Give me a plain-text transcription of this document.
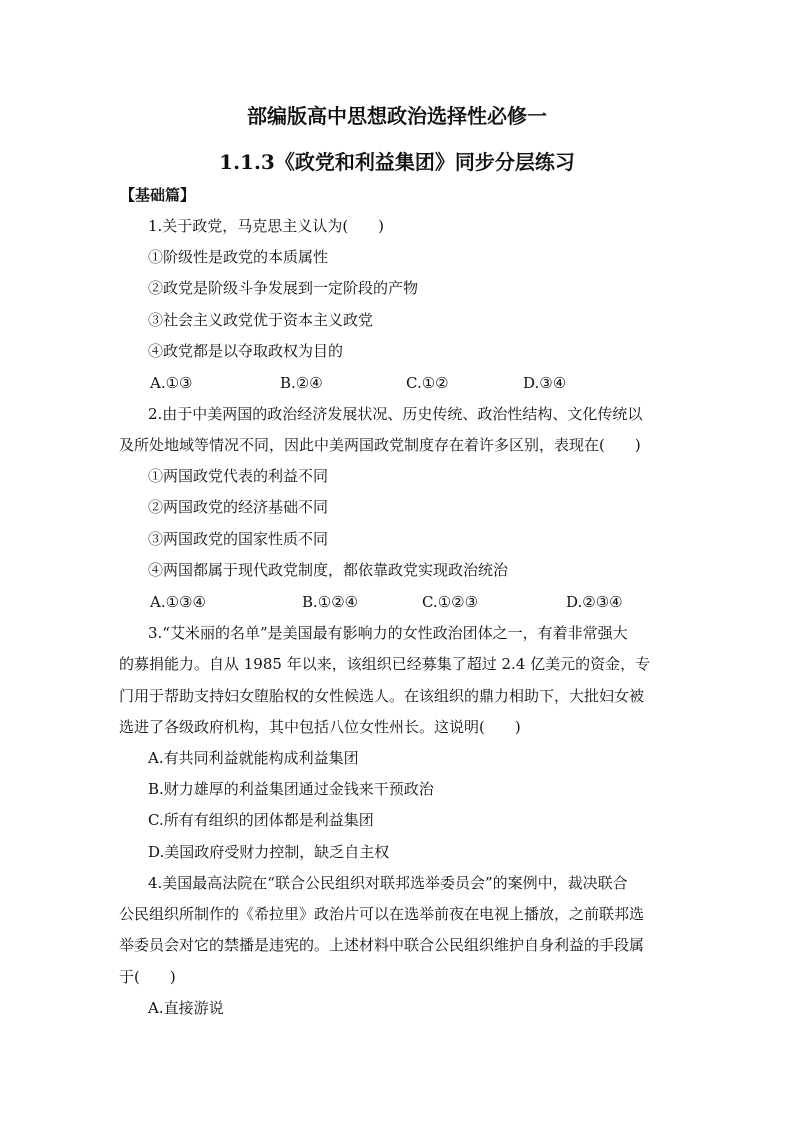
部编版高中思想政治选择性必修一
1.1.3《政党和利益集团》同步分层练习
【基础篇】
1.关于政党，马克思主义认为(　　)
①阶级性是政党的本质属性
②政党是阶级斗争发展到一定阶段的产物
③社会主义政党优于资本主义政党
④政党都是以夺取政权为目的
A.①③	B.②④	C.①②	D.③④
2.由于中美两国的政治经济发展状况、历史传统、政治性结构、文化传统以
及所处地域等情况不同，因此中美两国政党制度存在着许多区别，表现在(　　)
①两国政党代表的利益不同
②两国政党的经济基础不同
③两国政党的国家性质不同
④两国都属于现代政党制度，都依靠政党实现政治统治
A.①③④	B.①②④	C.①②③	D.②③④
3.“艾米丽的名单”是美国最有影响力的女性政治团体之一，有着非常强大
的募捐能力。自从 1985 年以来，该组织已经募集了超过 2.4 亿美元的资金，专
门用于帮助支持妇女堕胎权的女性候选人。在该组织的鼎力相助下，大批妇女被
选进了各级政府机构，其中包括八位女性州长。这说明(　　)
A.有共同利益就能构成利益集团
B.财力雄厚的利益集团通过金钱来干预政治
C.所有有组织的团体都是利益集团
D.美国政府受财力控制，缺乏自主权
4.美国最高法院在“联合公民组织对联邦选举委员会”的案例中，裁决联合
公民组织所制作的《希拉里》政治片可以在选举前夜在电视上播放，之前联邦选
举委员会对它的禁播是违宪的。上述材料中联合公民组织维护自身利益的手段属
于(　　)
A.直接游说
